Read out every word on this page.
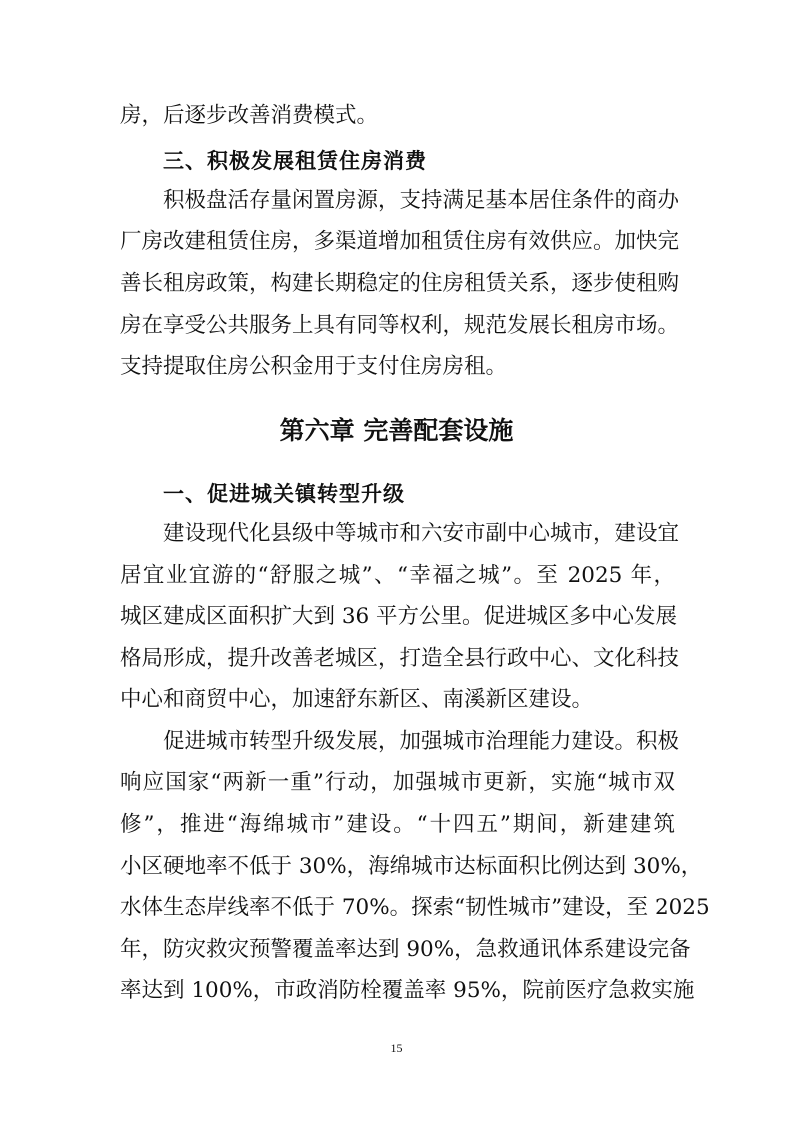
房，后逐步改善消费模式。
三、积极发展租赁住房消费
积极盘活存量闲置房源，支持满足基本居住条件的商办
厂房改建租赁住房，多渠道增加租赁住房有效供应。加快完
善长租房政策，构建长期稳定的住房租赁关系，逐步使租购
房在享受公共服务上具有同等权利，规范发展长租房市场。
支持提取住房公积金用于支付住房房租。
第六章 完善配套设施
一、促进城关镇转型升级
建设现代化县级中等城市和六安市副中心城市，建设宜
居宜业宜游的“舒服之城”、“幸福之城”。至 2025 年，
城区建成区面积扩大到 36 平方公里。促进城区多中心发展
格局形成，提升改善老城区，打造全县行政中心、文化科技
中心和商贸中心，加速舒东新区、南溪新区建设。
促进城市转型升级发展，加强城市治理能力建设。积极
响应国家“两新一重”行动，加强城市更新，实施“城市双
修”，推进“海绵城市”建设。“十四五”期间，新建建筑
小区硬地率不低于 30%，海绵城市达标面积比例达到 30%，
水体生态岸线率不低于 70%。探索“韧性城市”建设，至 2025
年，防灾救灾预警覆盖率达到 90%，急救通讯体系建设完备
率达到 100%，市政消防栓覆盖率 95%，院前医疗急救实施
15
